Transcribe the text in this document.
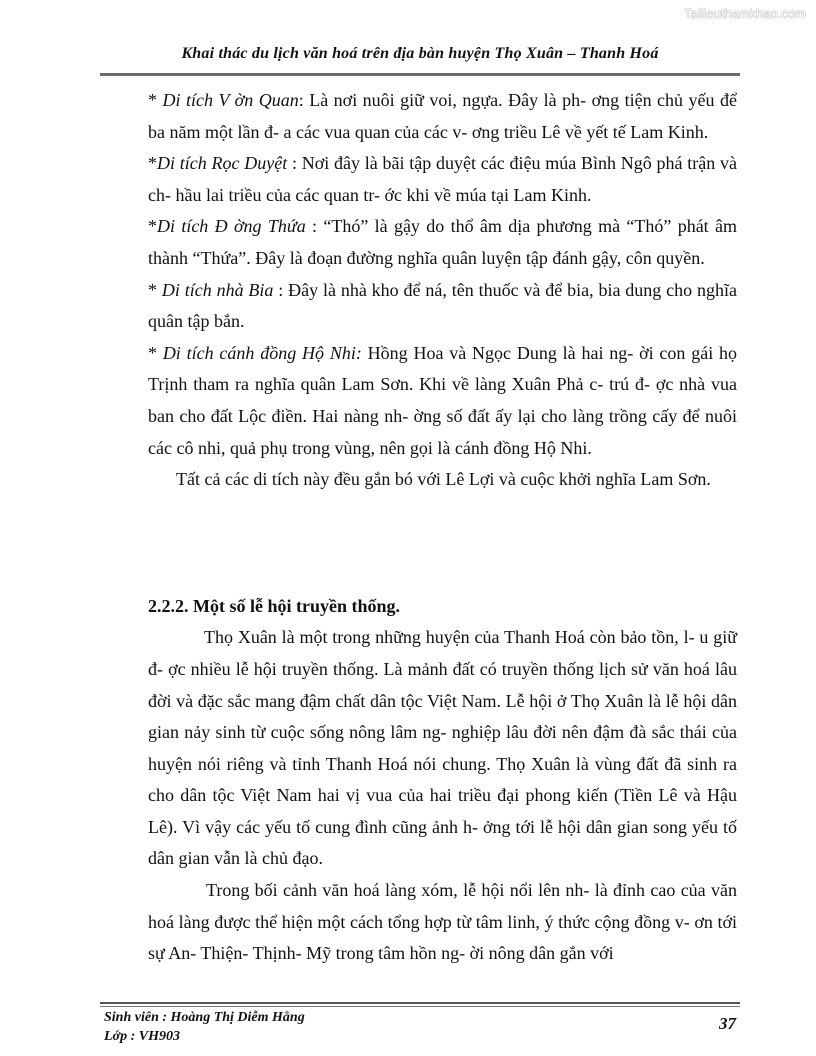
Tailieuthamkhao.com
Khai thác du lịch văn hoá trên địa bàn huyện Thọ Xuân – Thanh Hoá

* Di tích V ờn Quan: Là nơi nuôi giữ voi, ngựa. Đây là ph- ơng tiện chủ yếu để ba năm một lần đ- a các vua quan của các v- ơng triều Lê về yết tế Lam Kinh.

*Di tích Rọc Duyệt : Nơi đây là bãi tập duyệt các điệu múa Bình Ngô phá trận và ch- hầu lai triều của các quan tr- ớc khi về múa tại Lam Kinh.

*Di tích Đ ờng Thứa : “Thó” là gậy do thổ âm dịa phương mà “Thó” phát âm thành “Thứa”. Đây là đoạn đường nghĩa quân luyện tập đánh gậy, côn quyền.

* Di tích nhà Bia : Đây là nhà kho để ná, tên thuốc và để bia, bia dung cho nghĩa quân tập bắn.

* Di tích cánh đồng Hộ Nhi: Hồng Hoa và Ngọc Dung là hai ng- ời con gái họ Trịnh tham ra nghĩa quân Lam Sơn. Khi về làng Xuân Phả c- trú đ- ợc nhà vua ban cho đất Lộc điền. Hai nàng nh- ờng số đất ấy lại cho làng trồng cấy để nuôi các cô nhi, quả phụ trong vùng, nên gọi là cánh đồng Hộ Nhi.

Tất cả các di tích này đều gắn bó với Lê Lợi và cuộc khởi nghĩa Lam Sơn.

2.2.2. Một số lễ hội truyền thống.

Thọ Xuân là một trong những huyện của Thanh Hoá còn bảo tồn, l- u giữ đ- ợc nhiều lễ hội truyền thống. Là mảnh đất có truyền thống lịch sử văn hoá lâu đời và đặc sắc mang đậm chất dân tộc Việt Nam. Lễ hội ở Thọ Xuân là lễ hội dân gian nảy sinh từ cuộc sống nông lâm ng- nghiệp lâu đời nên đậm đà sắc thái của huyện nói riêng và tỉnh Thanh Hoá nói chung. Thọ Xuân là vùng đất đã sinh ra cho dân tộc Việt Nam hai vị vua của hai triều đại phong kiến (Tiền Lê và Hậu Lê). Vì vậy các yếu tố cung đình cũng ảnh h- ởng tới lễ hội dân gian song yếu tố dân gian vẫn là chủ đạo.

Trong bối cảnh văn hoá làng xóm, lễ hội nổi lên nh- là đỉnh cao của văn hoá làng được thể hiện một cách tổng hợp từ tâm linh, ý thức cộng đồng v- ơn tới sự An- Thiện- Thịnh- Mỹ trong tâm hồn ng- ời nông dân gắn với

Sinh viên : Hoàng Thị Diễm Hằng
Lớp : VH903
37
